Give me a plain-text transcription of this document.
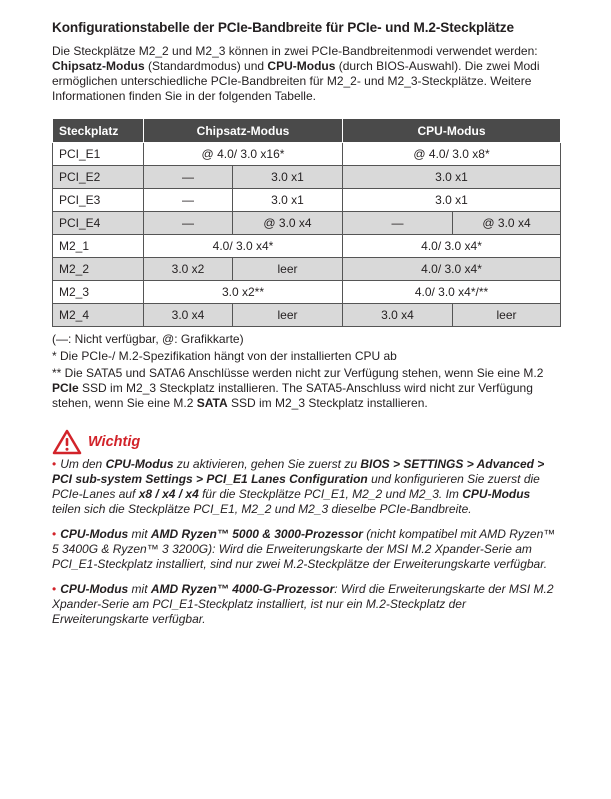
Konfigurationstabelle der PCIe-Bandbreite für PCIe- und M.2-Steckplätze

Die Steckplätze M2_2 und M2_3 können in zwei PCIe-Bandbreitenmodi verwendet werden: Chipsatz-Modus (Standardmodus) und CPU-Modus (durch BIOS-Auswahl). Die zwei Modi ermöglichen unterschiedliche PCIe-Bandbreiten für M2_2- und M2_3-Steckplätze. Weitere Informationen finden Sie in der folgenden Tabelle.

Steckplatz	Chipsatz-Modus		CPU-Modus	
PCI_E1	@ 4.0/ 3.0 x16*		@ 4.0/ 3.0 x8*	
PCI_E2	—	3.0 x1	3.0 x1	
PCI_E3	—	3.0 x1	3.0 x1	
PCI_E4	—	@ 3.0 x4	—	@ 3.0 x4
M2_1	4.0/ 3.0 x4*		4.0/ 3.0 x4*	
M2_2	3.0 x2	leer	4.0/ 3.0 x4*	
M2_3	3.0 x2**		4.0/ 3.0 x4*/**	
M2_4	3.0 x4	leer	3.0 x4	leer

(—: Nicht verfügbar, @: Grafikkarte)

* Die PCIe-/ M.2-Spezifikation hängt von der installierten CPU ab

** Die SATA5 und SATA6 Anschlüsse werden nicht zur Verfügung stehen, wenn Sie eine M.2 PCIe SSD im M2_3 Steckplatz installieren. The SATA5-Anschluss wird nicht zur Verfügung stehen, wenn Sie eine M.2 SATA SSD im M2_3 Steckplatz installieren.

Wichtig

• Um den CPU-Modus zu aktivieren, gehen Sie zuerst zu BIOS > SETTINGS > Advanced > PCI sub-system Settings > PCI_E1 Lanes Configuration und konfigurieren Sie zuerst die PCIe-Lanes auf x8 / x4 / x4 für die Steckplätze PCI_E1, M2_2 und M2_3. Im CPU-Modus teilen sich die Steckplätze PCI_E1, M2_2 und M2_3 dieselbe PCIe-Bandbreite.

• CPU-Modus mit AMD Ryzen™ 5000 & 3000-Prozessor (nicht kompatibel mit AMD Ryzen™ 5 3400G & Ryzen™ 3 3200G): Wird die Erweiterungskarte der MSI M.2 Xpander-Serie am PCI_E1-Steckplatz installiert, sind nur zwei M.2-Steckplätze der Erweiterungskarte verfügbar.

• CPU-Modus mit AMD Ryzen™ 4000-G-Prozessor: Wird die Erweiterungskarte der MSI M.2 Xpander-Serie am PCI_E1-Steckplatz installiert, ist nur ein M.2-Steckplatz der Erweiterungskarte verfügbar.
